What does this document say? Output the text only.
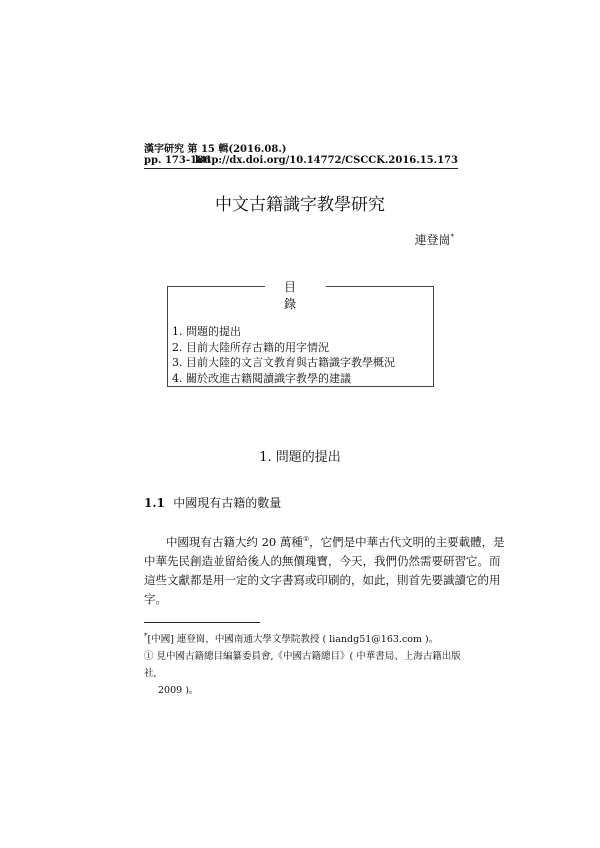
漢字研究 第 15 輯(2016.08.)
pp. 173-186
http://dx.doi.org/10.14772/CSCCK.2016.15.173
中文古籍識字教學研究
連登崗*
目 錄
1. 問題的提出
2. 目前大陸所存古籍的用字情況
3. 目前大陸的文言文教育與古籍識字教學概況
4. 關於改進古籍閱讀識字教學的建議
1. 問題的提出
1.1 中國現有古籍的數量
中國現有古籍大约 20 萬種①，它們是中華古代文明的主要載體，是
中華先民創造並留給後人的無價瑰寶，今天，我們仍然需要研習它。而
這些文獻都是用一定的文字書寫或印刷的，如此，則首先要識讀它的用
字。
*[中國] 連登崗，中國南通大學文學院教授 ( liandg51@163.com )。
① 見中國古籍總目編纂委員會,《中國古籍總目》( 中華書局、上海古籍出版社,
2009 )。
